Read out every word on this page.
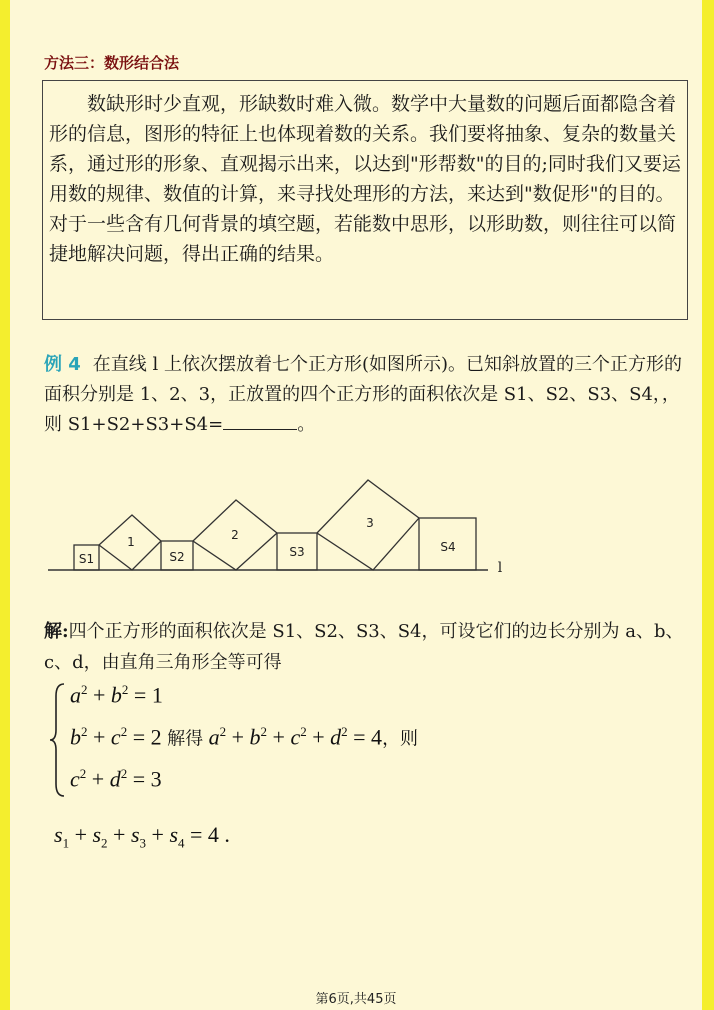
方法三：数形结合法

数缺形时少直观，形缺数时难入微。数学中大量数的问题后面都隐含着形的信息，图形的特征上也体现着数的关系。我们要将抽象、复杂的数量关系，通过形的形象、直观揭示出来，以达到"形帮数"的目的;同时我们又要运用数的规律、数值的计算，来寻找处理形的方法，来达到"数促形"的目的。对于一些含有几何背景的填空题，若能数中思形，以形助数，则往往可以简捷地解决问题，得出正确的结果。

例 4 在直线 l 上依次摆放着七个正方形(如图所示)。已知斜放置的三个正方形的面积分别是 1、2、3，正放置的四个正方形的面积依次是 S1、S2、S3、S4，，则 S1+S2+S3+S4=	。
S1
1
S2
2
S3
3
S4
l
解:四个正方形的面积依次是 S1、S2、S3、S4，可设它们的边长分别为 a、b、c、d，由直角三角形全等可得
$a^2 + b^2 = 1$
$b^2 + c^2 = 2$ 解得 $a^2 + b^2 + c^2 + d^2 = 4$，则
$c^2 + d^2 = 3$
$s_1 + s_2 + s_3 + s_4 = 4$ .
第6页,共45页
